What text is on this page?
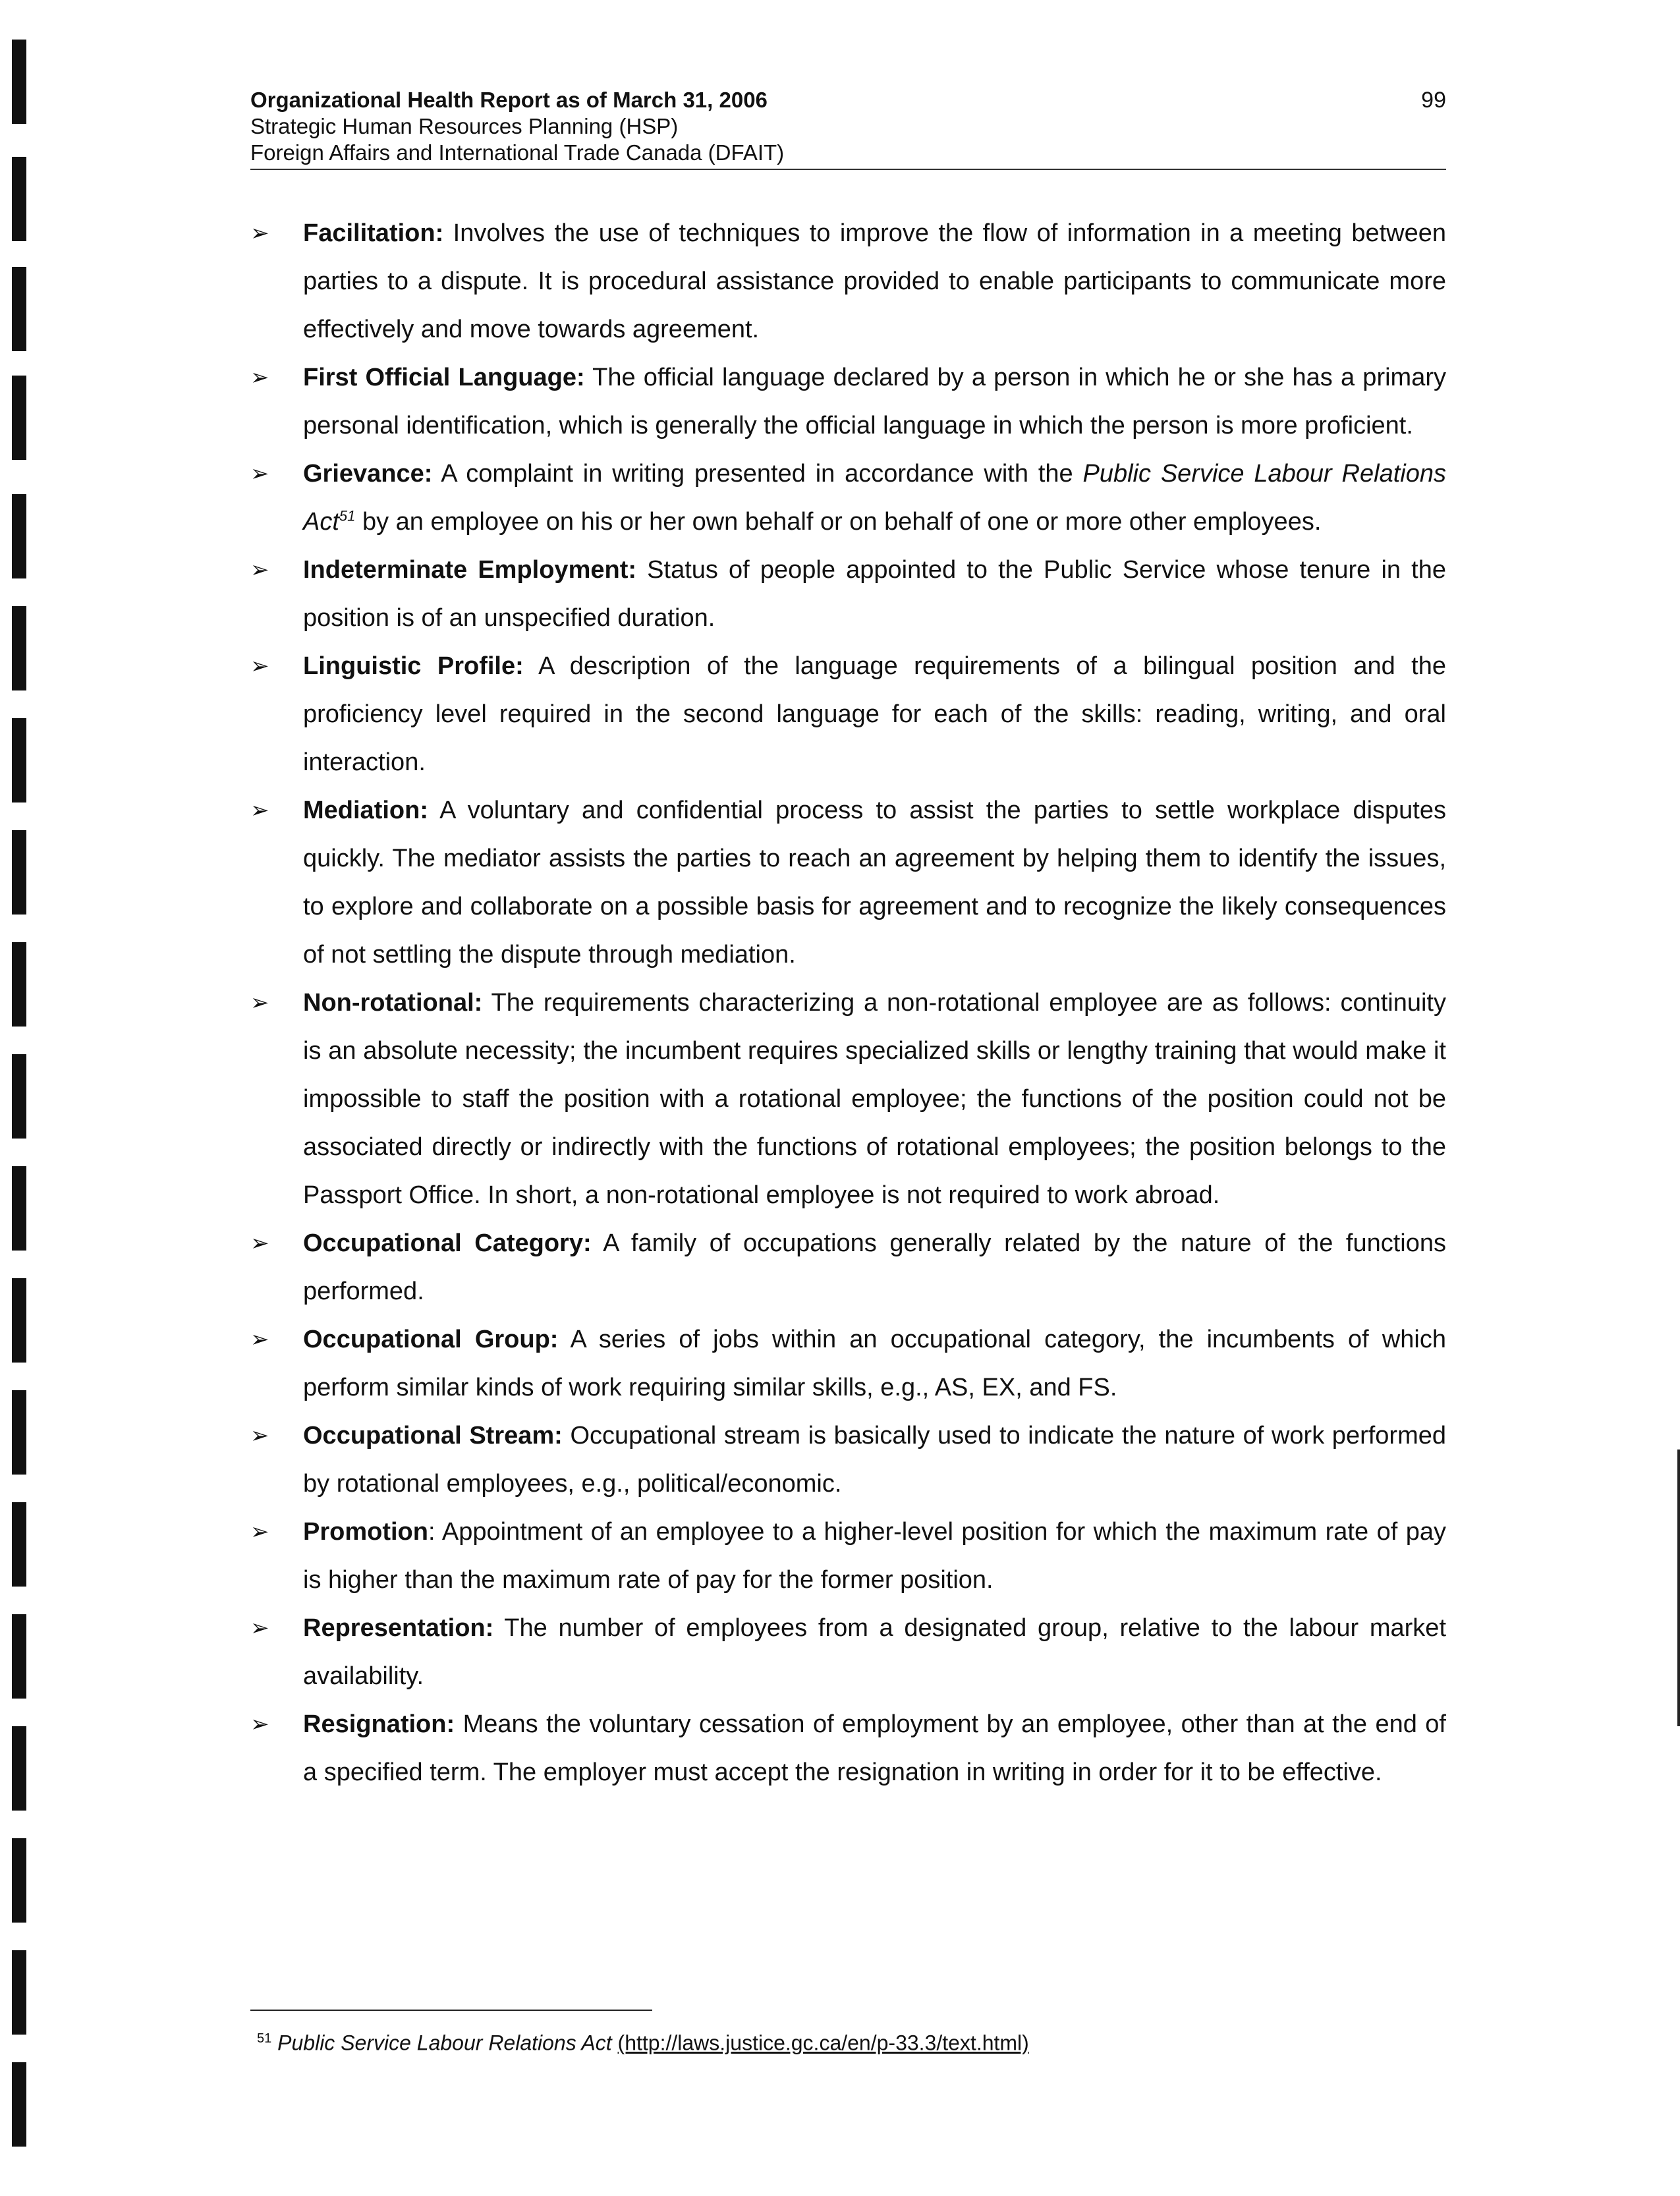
Organizational Health Report as of March 31, 2006
Strategic Human Resources Planning (HSP)
Foreign Affairs and International Trade Canada (DFAIT)
99
➢ Facilitation: Involves the use of techniques to improve the flow of information in a meeting between parties to a dispute. It is procedural assistance provided to enable participants to communicate more effectively and move towards agreement.
➢ First Official Language: The official language declared by a person in which he or she has a primary personal identification, which is generally the official language in which the person is more proficient.
➢ Grievance: A complaint in writing presented in accordance with the Public Service Labour Relations Act$^{51}$ by an employee on his or her own behalf or on behalf of one or more other employees.
➢ Indeterminate Employment: Status of people appointed to the Public Service whose tenure in the position is of an unspecified duration.
➢ Linguistic Profile: A description of the language requirements of a bilingual position and the proficiency level required in the second language for each of the skills: reading, writing, and oral interaction.
➢ Mediation: A voluntary and confidential process to assist the parties to settle workplace disputes quickly. The mediator assists the parties to reach an agreement by helping them to identify the issues, to explore and collaborate on a possible basis for agreement and to recognize the likely consequences of not settling the dispute through mediation.
➢ Non-rotational: The requirements characterizing a non-rotational employee are as follows: continuity is an absolute necessity; the incumbent requires specialized skills or lengthy training that would make it impossible to staff the position with a rotational employee; the functions of the position could not be associated directly or indirectly with the functions of rotational employees; the position belongs to the Passport Office. In short, a non-rotational employee is not required to work abroad.
➢ Occupational Category: A family of occupations generally related by the nature of the functions performed.
➢ Occupational Group: A series of jobs within an occupational category, the incumbents of which perform similar kinds of work requiring similar skills, e.g., AS, EX, and FS.
➢ Occupational Stream: Occupational stream is basically used to indicate the nature of work performed by rotational employees, e.g., political/economic.
➢ Promotion: Appointment of an employee to a higher-level position for which the maximum rate of pay is higher than the maximum rate of pay for the former position.
➢ Representation: The number of employees from a designated group, relative to the labour market availability.
➢ Resignation: Means the voluntary cessation of employment by an employee, other than at the end of a specified term. The employer must accept the resignation in writing in order for it to be effective.
$^{51}$ Public Service Labour Relations Act (http://laws.justice.gc.ca/en/p-33.3/text.html)
